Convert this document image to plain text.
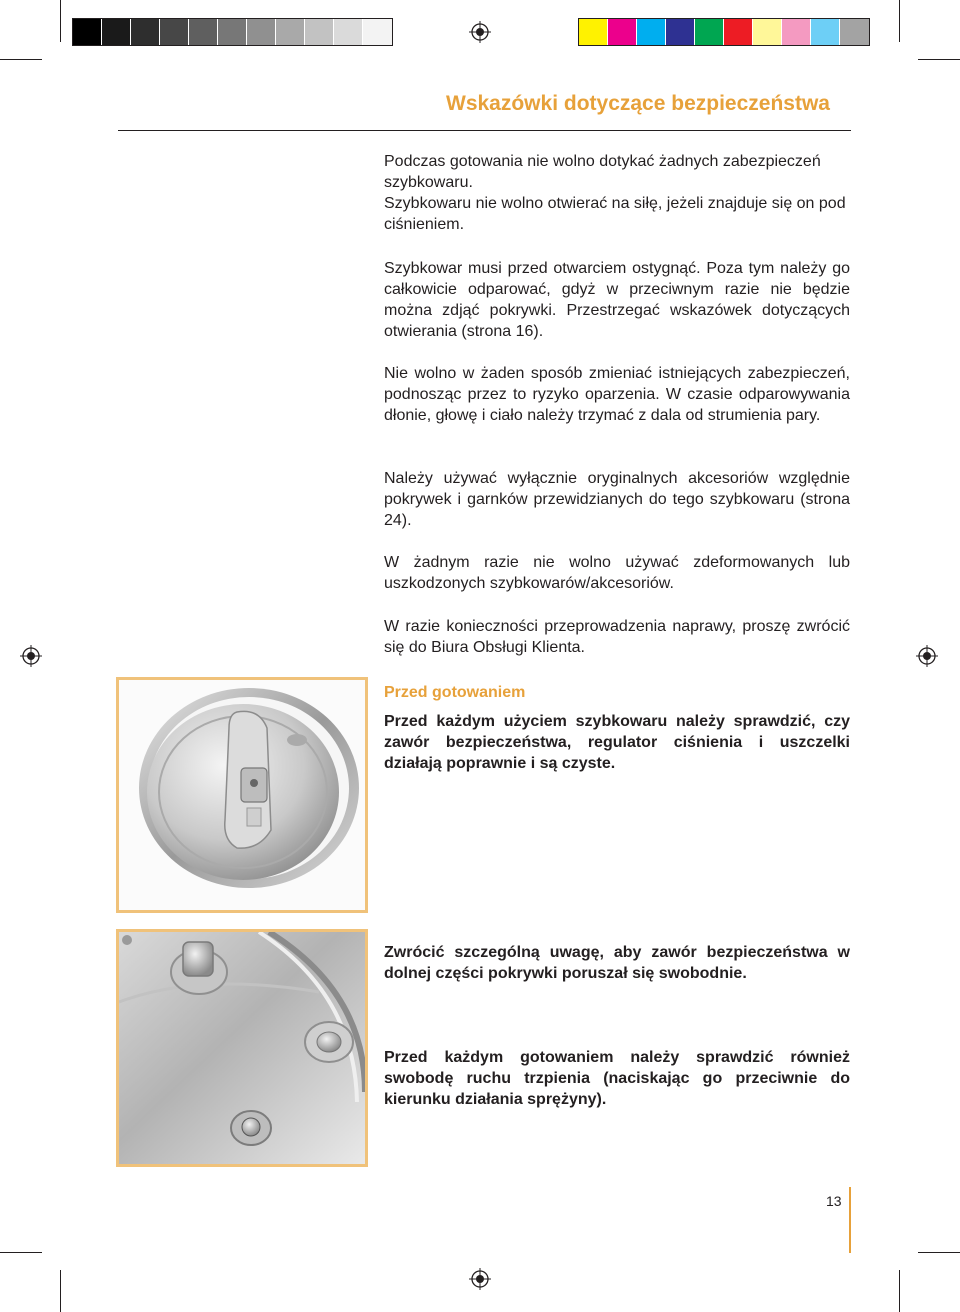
Wskazówki dotyczące bezpieczeństwa

Podczas gotowania nie wolno dotykać żadnych zabezpieczeń szybkowaru.

Szybkowaru nie wolno otwierać na siłę, jeżeli znajduje się on pod ciśnieniem.

Szybkowar musi przed otwarciem ostygnąć. Poza tym należy go całkowicie odparować, gdyż w przeciwnym razie nie będzie można zdjąć pokrywki. Przestrzegać wskazówek dotyczących otwierania (strona 16).
Nie wolno w żaden sposób zmieniać istniejących zabezpieczeń, podnosząc przez to ryzyko oparzenia. W czasie odparowywania dłonie, głowę i ciało należy trzymać z dala od strumienia pary.
Należy używać wyłącznie oryginalnych akcesoriów względnie pokrywek i garnków przewidzianych do tego szybkowaru (strona 24).
W żadnym razie nie wolno używać zdeformowanych lub uszkodzonych szybkowarów/akcesoriów.
W razie konieczności przeprowadzenia naprawy, proszę zwrócić się do Biura Obsługi Klienta.
Przed gotowaniem
Przed każdym użyciem szybkowaru należy sprawdzić, czy zawór bezpieczeństwa, regulator ciśnienia i uszczelki działają poprawnie i są czyste.
Zwrócić szczególną uwagę, aby zawór bezpieczeństwa w dolnej części pokrywki poruszał się swobodnie.
Przed każdym gotowaniem należy sprawdzić również swobodę ruchu trzpienia (naciskając go przeciwnie do kierunku działania sprężyny).
13
